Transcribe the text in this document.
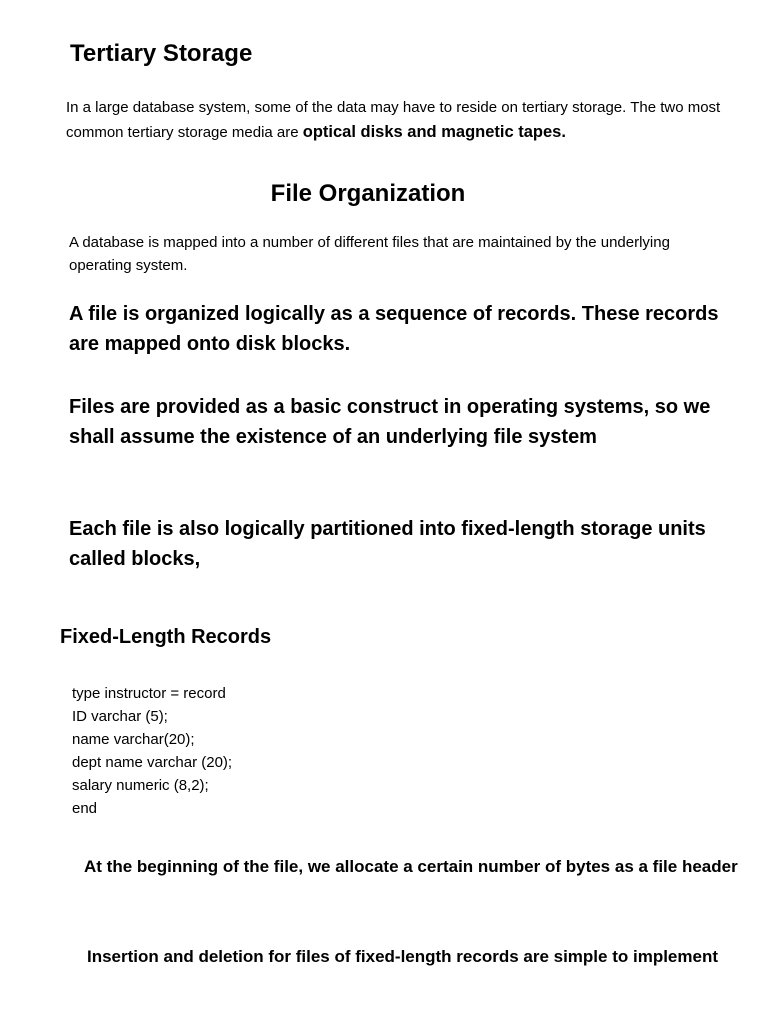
Tertiary Storage

In a large database system, some of the data may have to reside on tertiary storage. The two most common tertiary storage media are optical disks and magnetic tapes.

File Organization

A database is mapped into a number of different files that are maintained by the underlying operating system.

A file is organized logically as a sequence of records. These records are mapped onto disk blocks.

Files are provided as a basic construct in operating systems, so we shall assume the existence of an underlying file system

Each file is also logically partitioned into fixed-length storage units called blocks,

Fixed-Length Records
type instructor = record
ID varchar (5);
name varchar(20);
dept name varchar (20);
salary numeric (8,2);
end

At the beginning of the file, we allocate a certain number of bytes as a file header

Insertion and deletion for files of fixed-length records are simple to implement
